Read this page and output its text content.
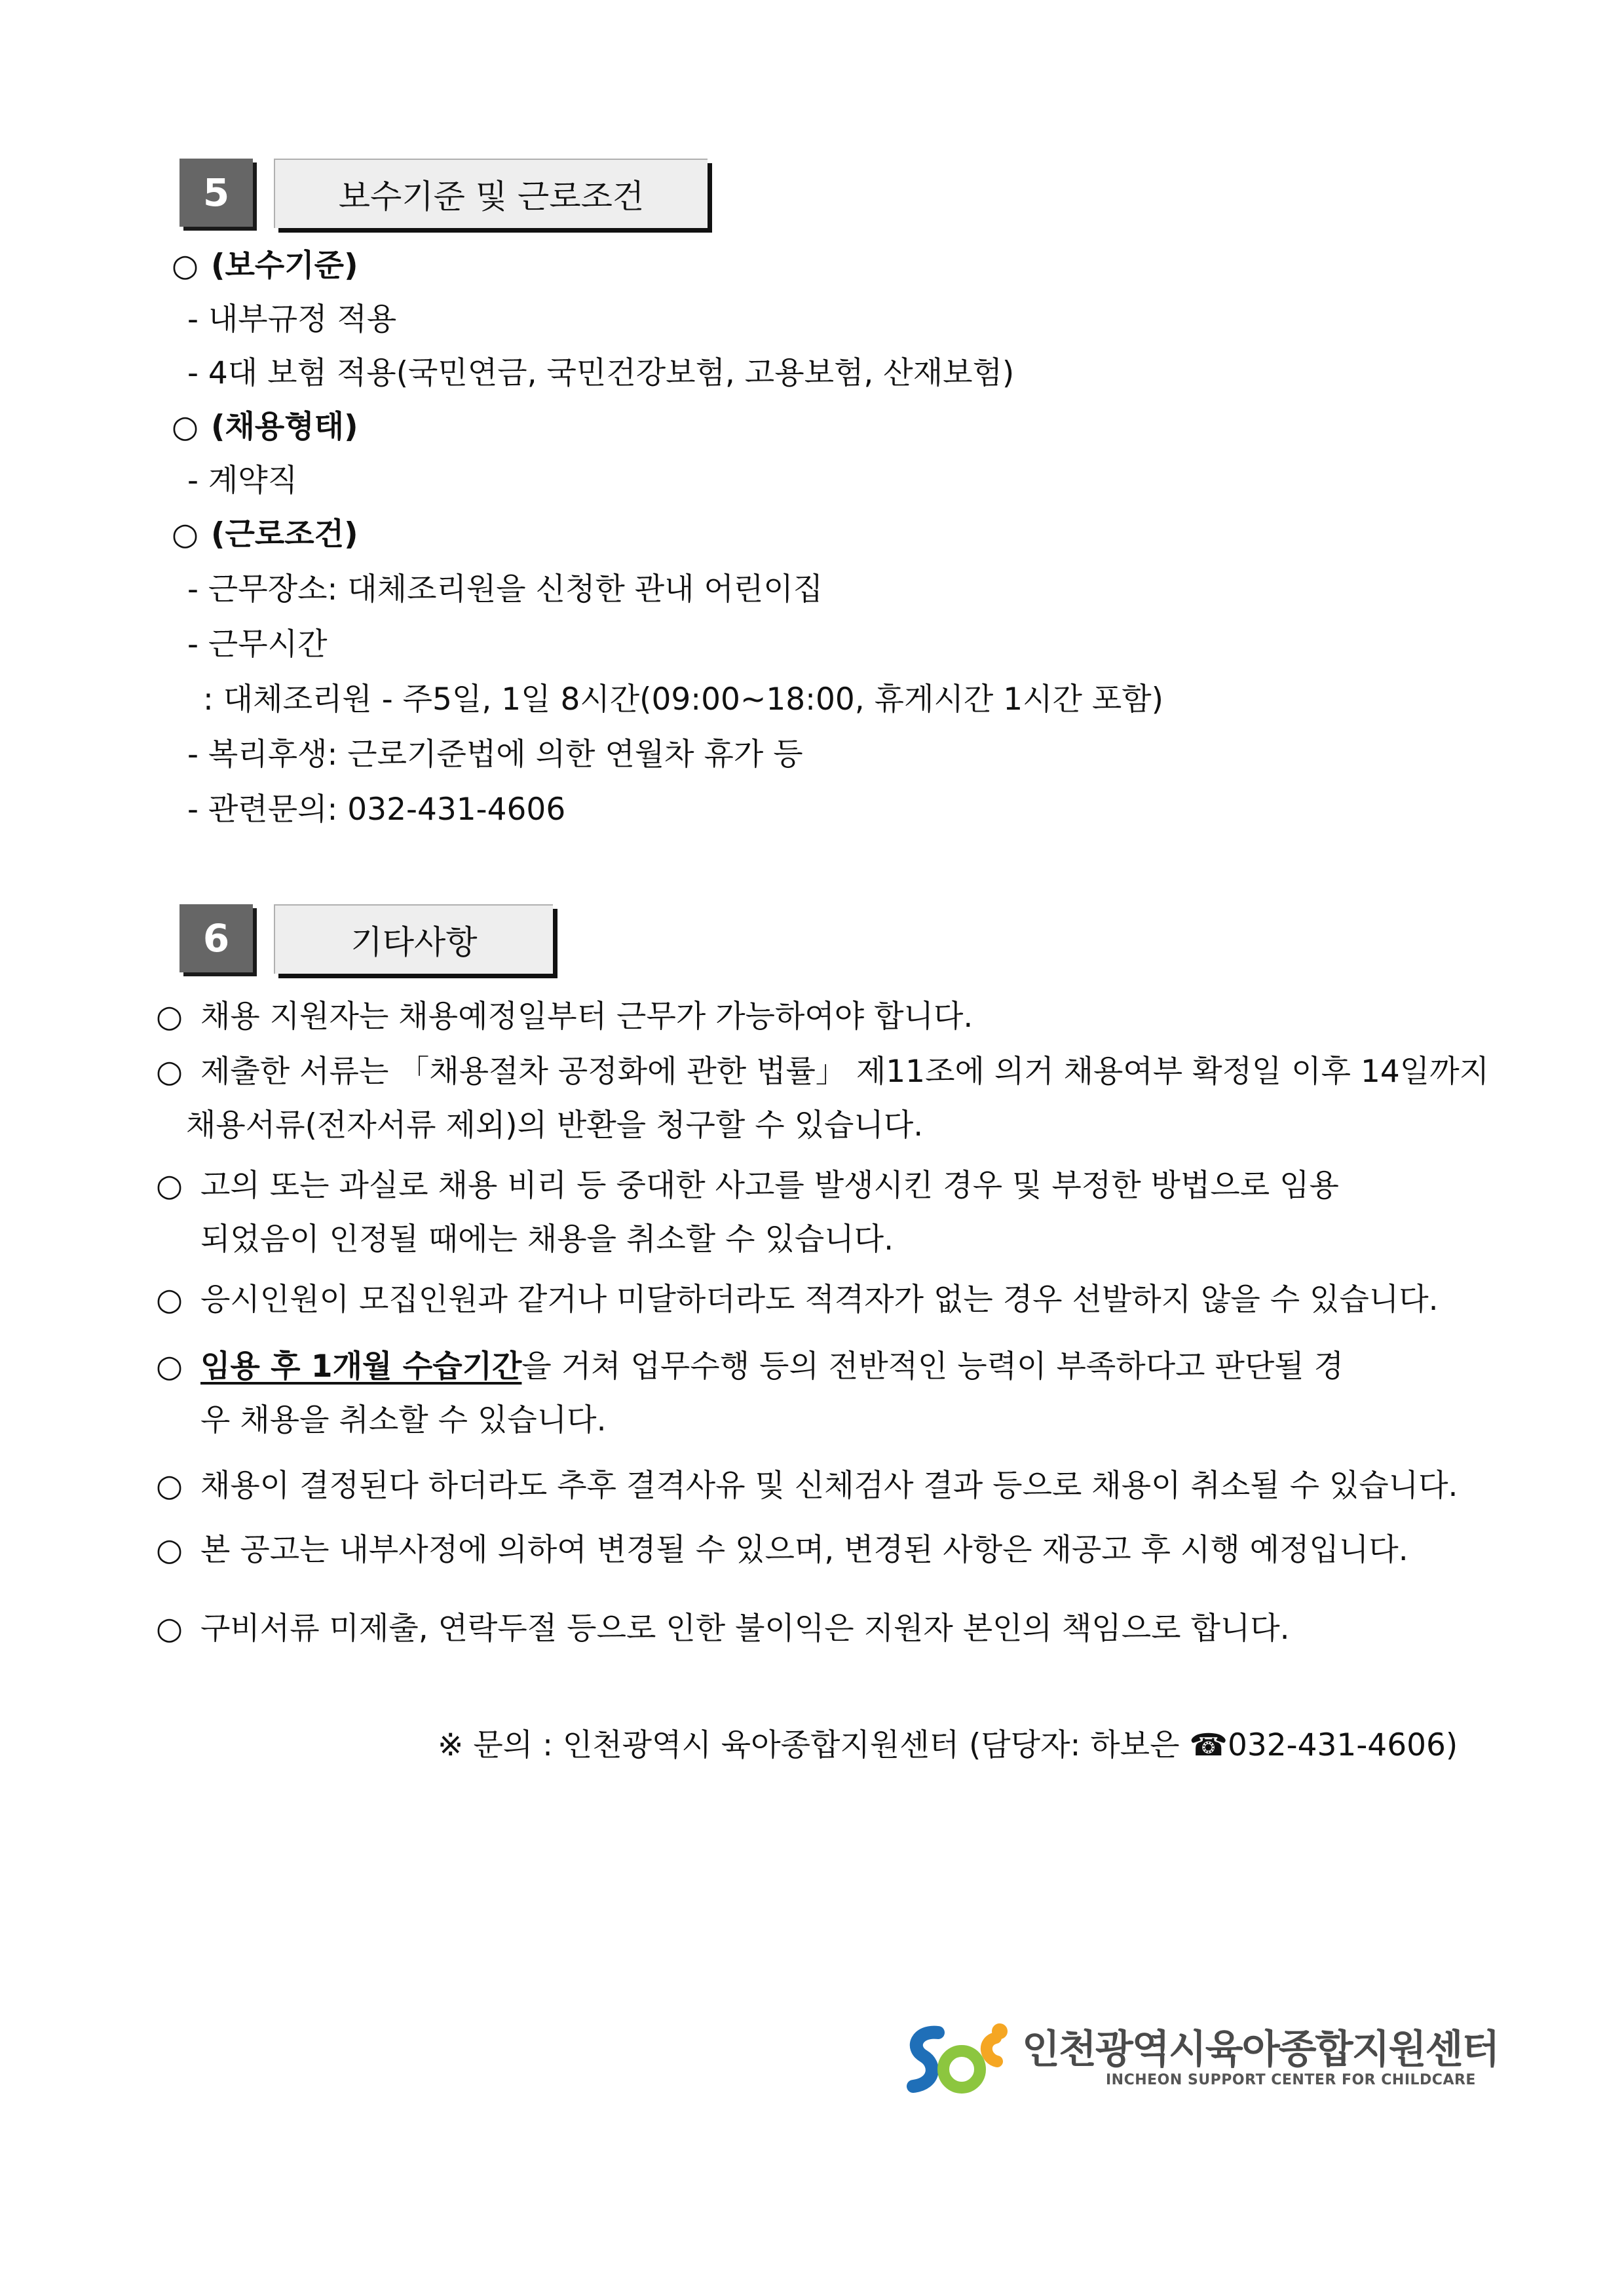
5	보수기준 및 근로조건
○ (보수기준)
- 내부규정 적용
- 4대 보험 적용(국민연금, 국민건강보험, 고용보험, 산재보험)
○ (채용형태)
- 계약직
○ (근로조건)
- 근무장소: 대체조리원을 신청한 관내 어린이집
- 근무시간
: 대체조리원 - 주5일, 1일 8시간(09:00~18:00, 휴게시간 1시간 포함)
- 복리후생: 근로기준법에 의한 연월차 휴가 등
- 관련문의: 032-431-4606
6	기타사항
○ 채용 지원자는 채용예정일부터 근무가 가능하여야 합니다.
○ 제출한 서류는 「채용절차 공정화에 관한 법률」 제11조에 의거 채용여부 확정일 이후 14일까지
채용서류(전자서류 제외)의 반환을 청구할 수 있습니다.
○ 고의 또는 과실로 채용 비리 등 중대한 사고를 발생시킨 경우 및 부정한 방법으로 임용
되었음이 인정될 때에는 채용을 취소할 수 있습니다.
○ 응시인원이 모집인원과 같거나 미달하더라도 적격자가 없는 경우 선발하지 않을 수 있습니다.
○ 임용 후 1개월 수습기간을 거쳐 업무수행 등의 전반적인 능력이 부족하다고 판단될 경
우 채용을 취소할 수 있습니다.
○ 채용이 결정된다 하더라도 추후 결격사유 및 신체검사 결과 등으로 채용이 취소될 수 있습니다.
○ 본 공고는 내부사정에 의하여 변경될 수 있으며, 변경된 사항은 재공고 후 시행 예정입니다.
○ 구비서류 미제출, 연락두절 등으로 인한 불이익은 지원자 본인의 책임으로 합니다.
※ 문의 : 인천광역시 육아종합지원센터 (담당자: 하보은 ☎032-431-4606)
인천광역시육아종합지원센터
INCHEON SUPPORT CENTER FOR CHILDCARE
